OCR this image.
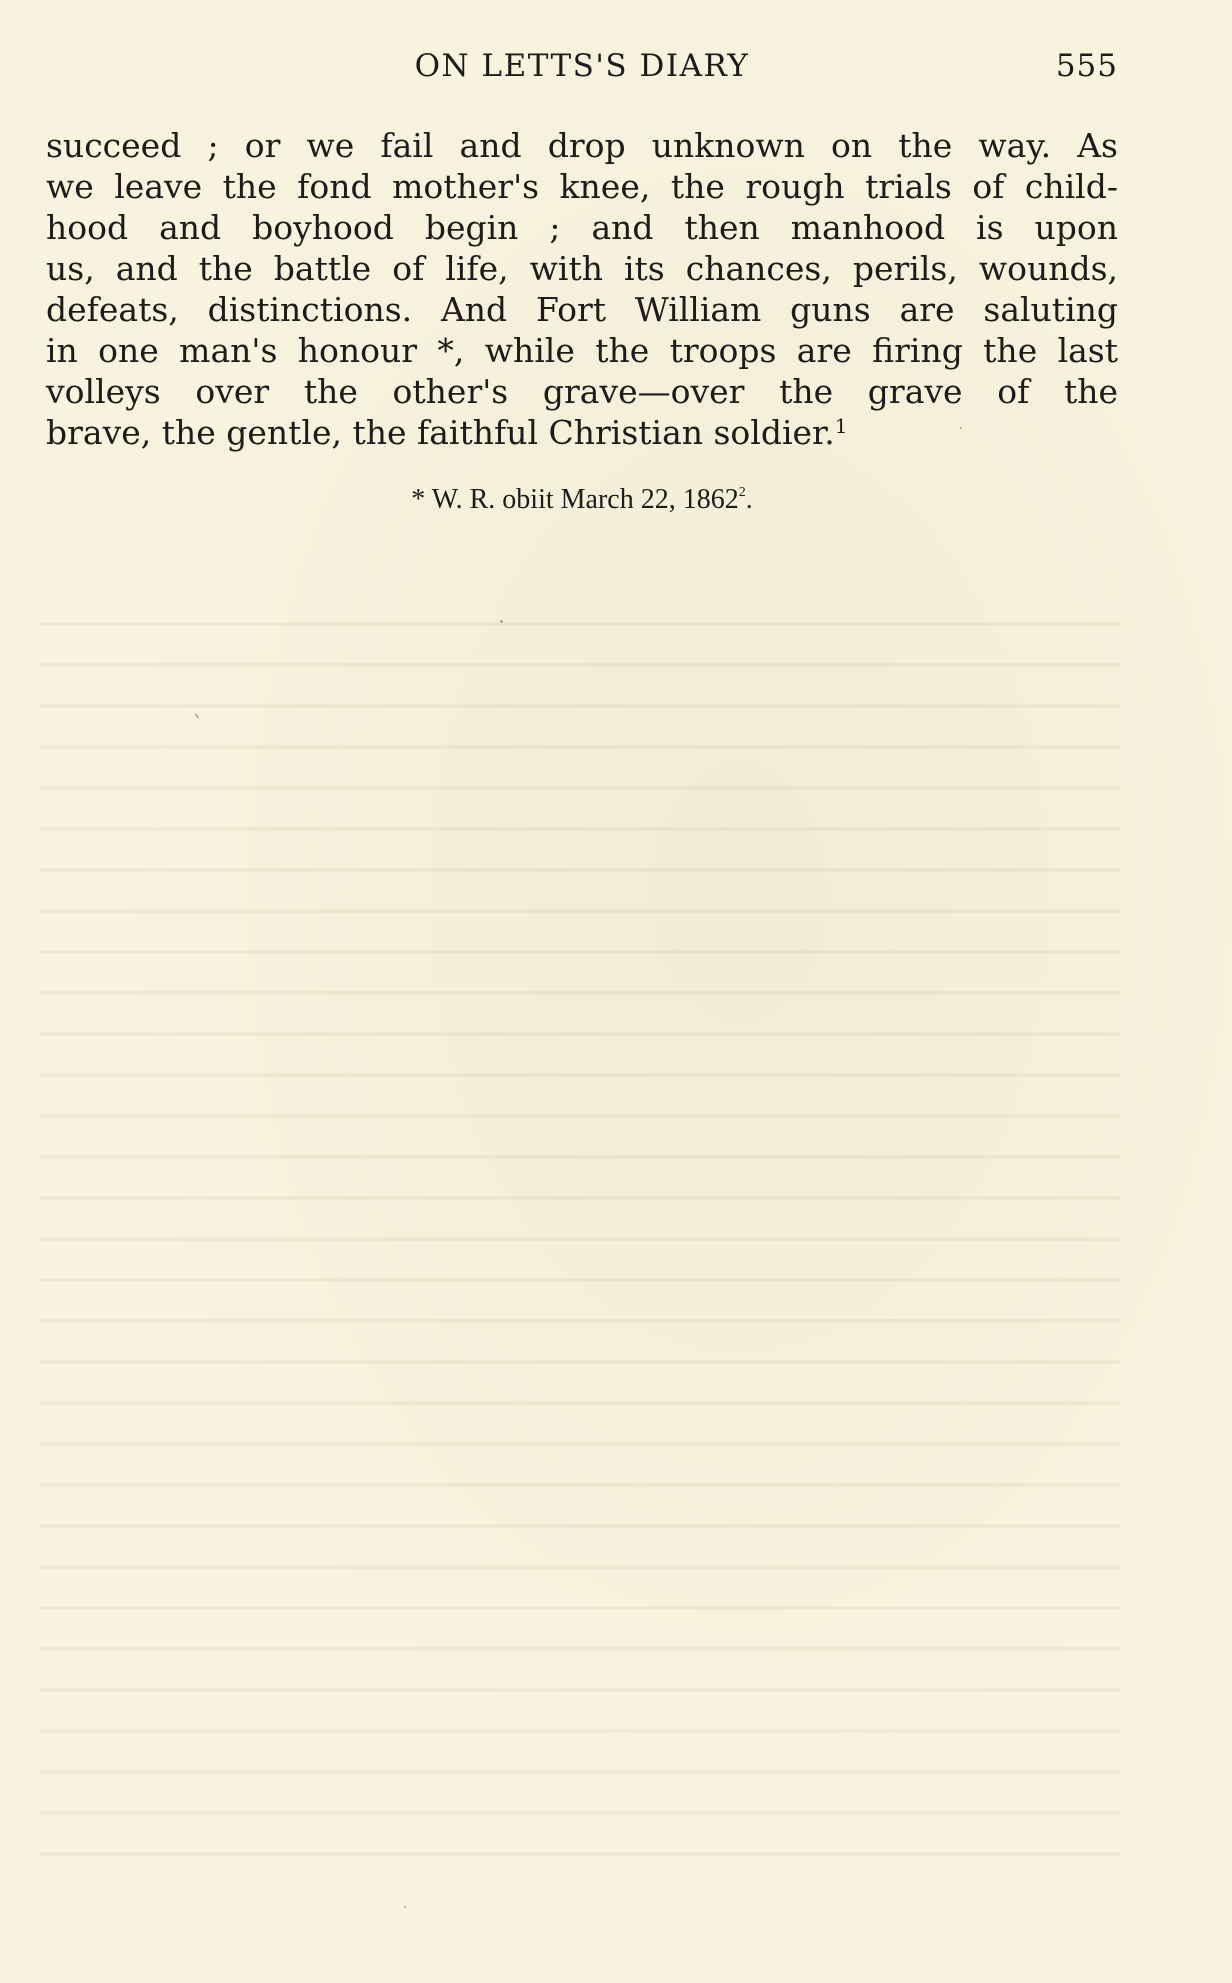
ON LETTS'S DIARY	555
succeed ; or we fail and drop unknown on the way. As
we leave the fond mother's knee, the rough trials of child-
hood and boyhood begin ; and then manhood is upon
us, and the battle of life, with its chances, perils, wounds,
defeats, distinctions. And Fort William guns are saluting
in one man's honour *, while the troops are firing the last
volleys over the other's grave—over the grave of the
brave, the gentle, the faithful Christian soldier.$^1$
* W. R. obiit March 22, 1862$^2$.
